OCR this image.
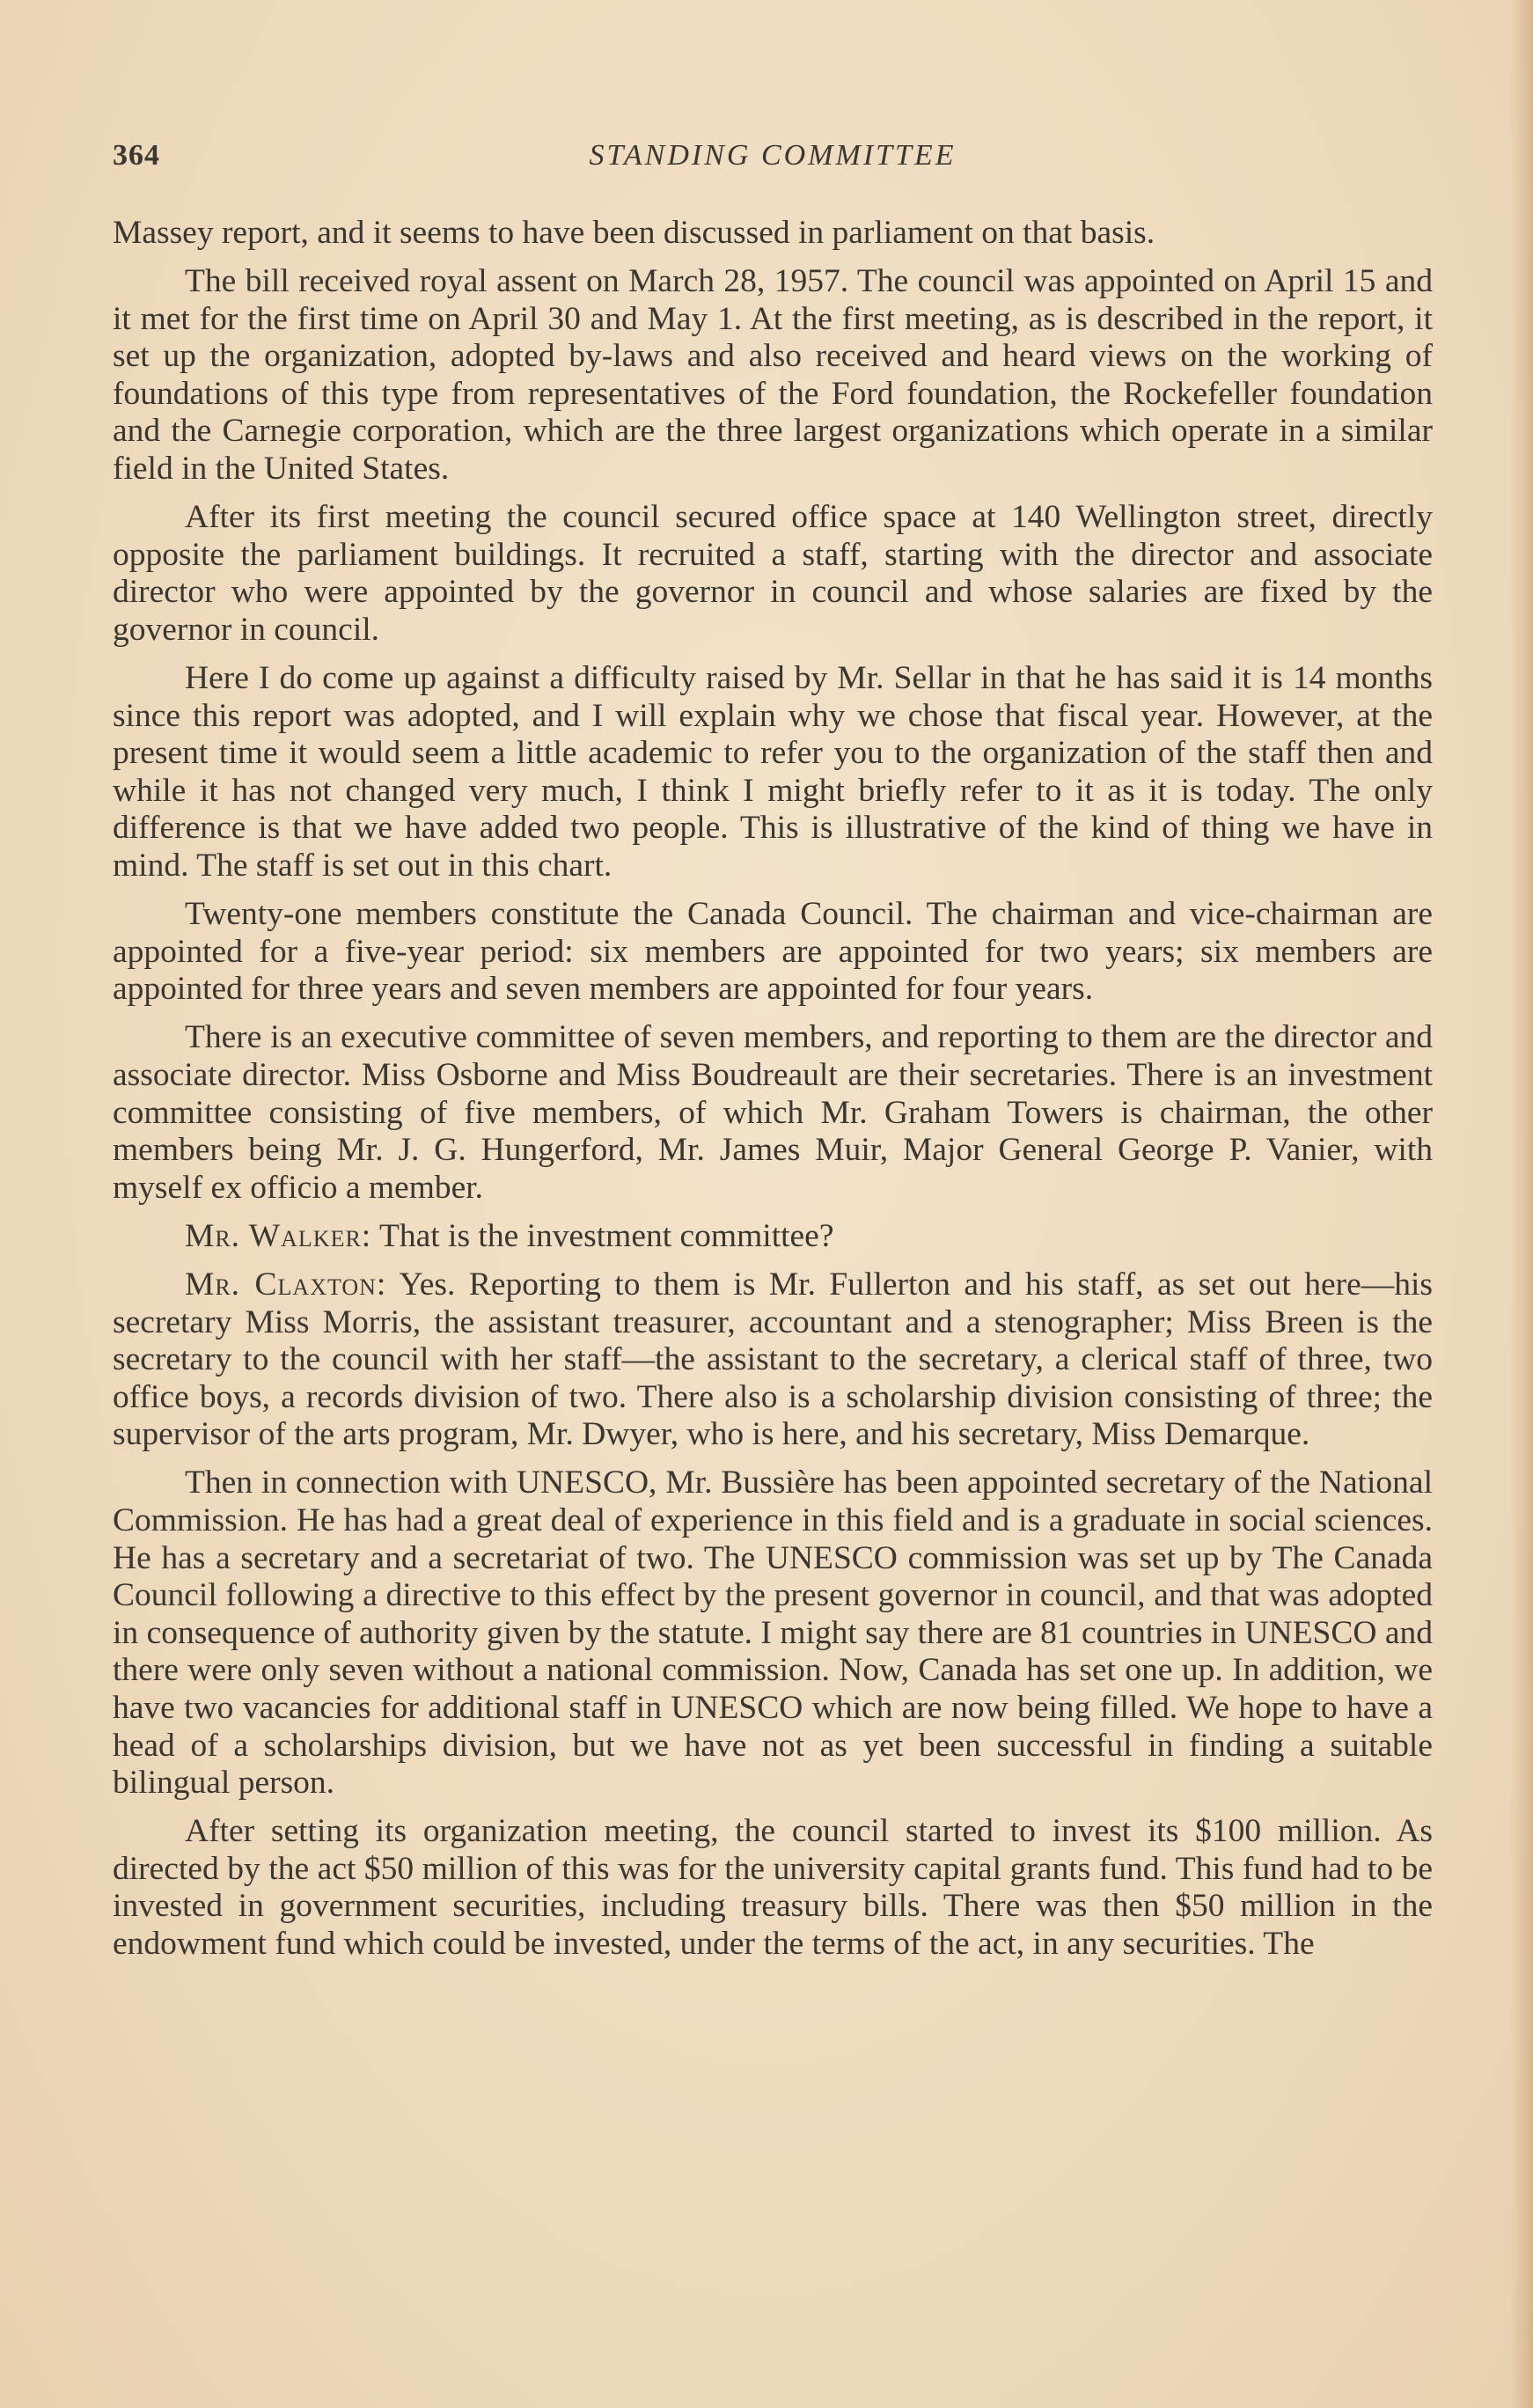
364	STANDING COMMITTEE

Massey report, and it seems to have been discussed in parliament on that basis.

The bill received royal assent on March 28, 1957. The council was appointed on April 15 and it met for the first time on April 30 and May 1. At the first meeting, as is described in the report, it set up the organization, adopted by-laws and also received and heard views on the working of foundations of this type from representatives of the Ford foundation, the Rockefeller foundation and the Carnegie corporation, which are the three largest organizations which operate in a similar field in the United States.

After its first meeting the council secured office space at 140 Wellington street, directly opposite the parliament buildings. It recruited a staff, starting with the director and associate director who were appointed by the governor in council and whose salaries are fixed by the governor in council.

Here I do come up against a difficulty raised by Mr. Sellar in that he has said it is 14 months since this report was adopted, and I will explain why we chose that fiscal year. However, at the present time it would seem a little academic to refer you to the organization of the staff then and while it has not changed very much, I think I might briefly refer to it as it is today. The only difference is that we have added two people. This is illustrative of the kind of thing we have in mind. The staff is set out in this chart.

Twenty-one members constitute the Canada Council. The chairman and vice-chairman are appointed for a five-year period: six members are appointed for two years; six members are appointed for three years and seven members are appointed for four years.

There is an executive committee of seven members, and reporting to them are the director and associate director. Miss Osborne and Miss Boudreault are their secretaries. There is an investment committee consisting of five members, of which Mr. Graham Towers is chairman, the other members being Mr. J. G. Hungerford, Mr. James Muir, Major General George P. Vanier, with myself ex officio a member.

Mr. Walker: That is the investment committee?

Mr. Claxton: Yes. Reporting to them is Mr. Fullerton and his staff, as set out here—his secretary Miss Morris, the assistant treasurer, accountant and a stenographer; Miss Breen is the secretary to the council with her staff—the assistant to the secretary, a clerical staff of three, two office boys, a records division of two. There also is a scholarship division consisting of three; the supervisor of the arts program, Mr. Dwyer, who is here, and his secretary, Miss Demarque.

Then in connection with UNESCO, Mr. Bussière has been appointed secretary of the National Commission. He has had a great deal of experience in this field and is a graduate in social sciences. He has a secretary and a secretariat of two. The UNESCO commission was set up by The Canada Council following a directive to this effect by the present governor in council, and that was adopted in consequence of authority given by the statute. I might say there are 81 countries in UNESCO and there were only seven without a national commission. Now, Canada has set one up. In addition, we have two vacancies for additional staff in UNESCO which are now being filled. We hope to have a head of a scholarships division, but we have not as yet been successful in finding a suitable bilingual person.

After setting its organization meeting, the council started to invest its $100 million. As directed by the act $50 million of this was for the university capital grants fund. This fund had to be invested in government securities, including treasury bills. There was then $50 million in the endowment fund which could be invested, under the terms of the act, in any securities. The
